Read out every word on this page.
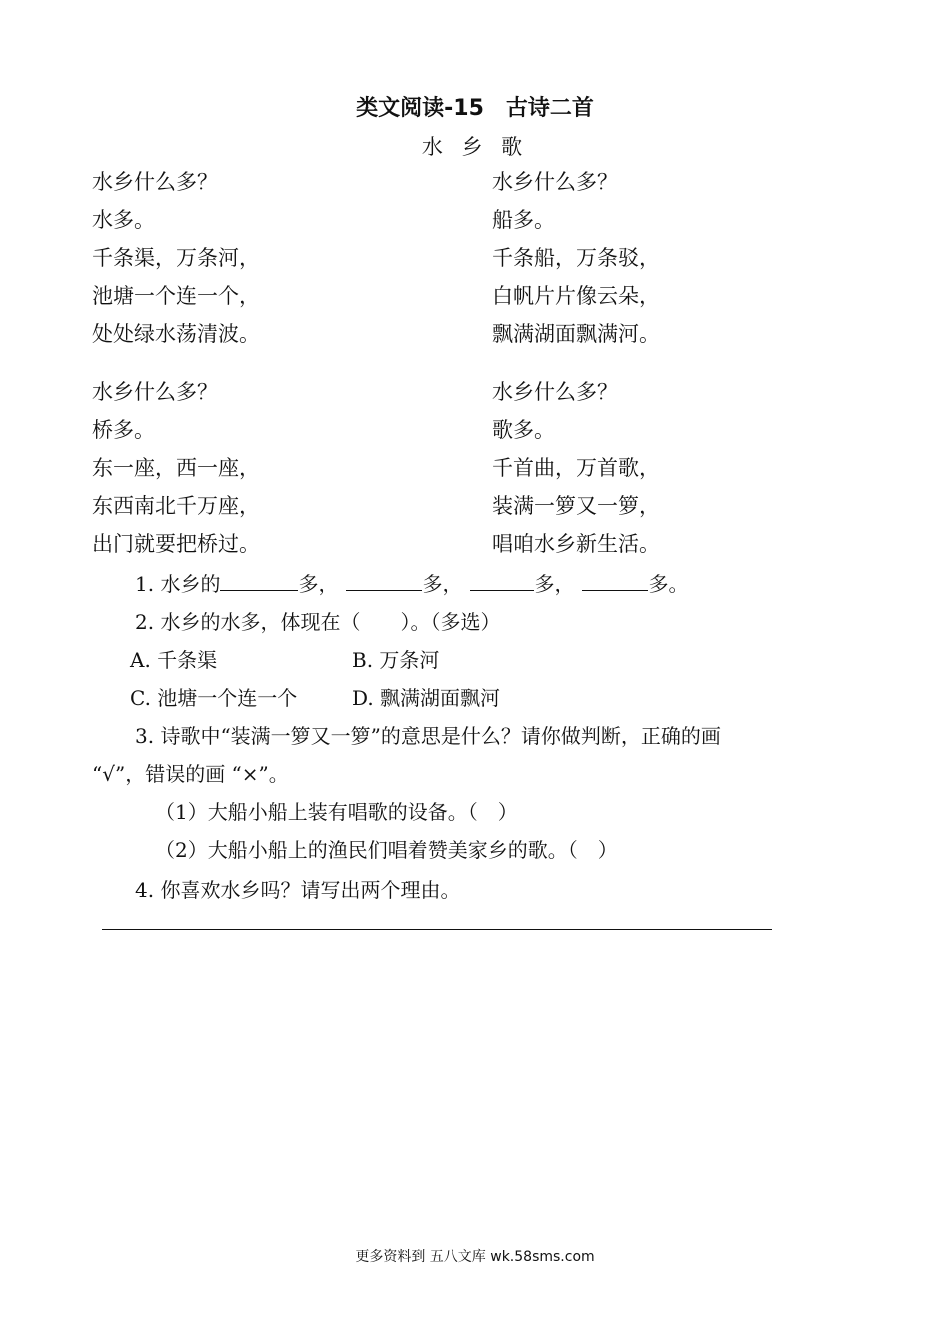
类文阅读-15　古诗二首
水 乡 歌
水乡什么多？
水多。
千条渠，万条河，
池塘一个连一个，
处处绿水荡清波。
水乡什么多？
船多。
千条船，万条驳，
白帆片片像云朵，
飘满湖面飘满河。
水乡什么多？
桥多。
东一座，西一座，
东西南北千万座，
出门就要把桥过。
水乡什么多？
歌多。
千首曲，万首歌，
装满一箩又一箩，
唱咱水乡新生活。
1. 水乡的	多，	多，	多，	多。
2. 水乡的水多，体现在（　　）。（多选）
A. 千条渠	B. 万条河
C. 池塘一个连一个	D. 飘满湖面飘河
3. 诗歌中“装满一箩又一箩”的意思是什么？请你做判断，正确的画
“√”，错误的画 “×”。
（1）大船小船上装有唱歌的设备。（　）
（2）大船小船上的渔民们唱着赞美家乡的歌。（　）
4. 你喜欢水乡吗？请写出两个理由。
更多资料到 五八文库 wk.58sms.com
